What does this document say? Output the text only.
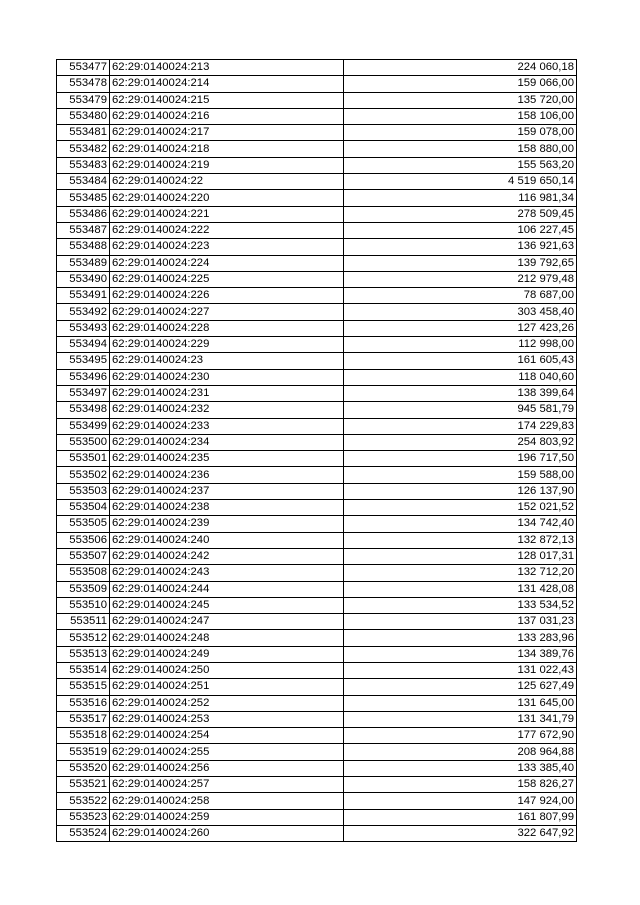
553477	62:29:0140024:213	224 060,18
553478	62:29:0140024:214	159 066,00
553479	62:29:0140024:215	135 720,00
553480	62:29:0140024:216	158 106,00
553481	62:29:0140024:217	159 078,00
553482	62:29:0140024:218	158 880,00
553483	62:29:0140024:219	155 563,20
553484	62:29:0140024:22	4 519 650,14
553485	62:29:0140024:220	116 981,34
553486	62:29:0140024:221	278 509,45
553487	62:29:0140024:222	106 227,45
553488	62:29:0140024:223	136 921,63
553489	62:29:0140024:224	139 792,65
553490	62:29:0140024:225	212 979,48
553491	62:29:0140024:226	78 687,00
553492	62:29:0140024:227	303 458,40
553493	62:29:0140024:228	127 423,26
553494	62:29:0140024:229	112 998,00
553495	62:29:0140024:23	161 605,43
553496	62:29:0140024:230	118 040,60
553497	62:29:0140024:231	138 399,64
553498	62:29:0140024:232	945 581,79
553499	62:29:0140024:233	174 229,83
553500	62:29:0140024:234	254 803,92
553501	62:29:0140024:235	196 717,50
553502	62:29:0140024:236	159 588,00
553503	62:29:0140024:237	126 137,90
553504	62:29:0140024:238	152 021,52
553505	62:29:0140024:239	134 742,40
553506	62:29:0140024:240	132 872,13
553507	62:29:0140024:242	128 017,31
553508	62:29:0140024:243	132 712,20
553509	62:29:0140024:244	131 428,08
553510	62:29:0140024:245	133 534,52
553511	62:29:0140024:247	137 031,23
553512	62:29:0140024:248	133 283,96
553513	62:29:0140024:249	134 389,76
553514	62:29:0140024:250	131 022,43
553515	62:29:0140024:251	125 627,49
553516	62:29:0140024:252	131 645,00
553517	62:29:0140024:253	131 341,79
553518	62:29:0140024:254	177 672,90
553519	62:29:0140024:255	208 964,88
553520	62:29:0140024:256	133 385,40
553521	62:29:0140024:257	158 826,27
553522	62:29:0140024:258	147 924,00
553523	62:29:0140024:259	161 807,99
553524	62:29:0140024:260	322 647,92
